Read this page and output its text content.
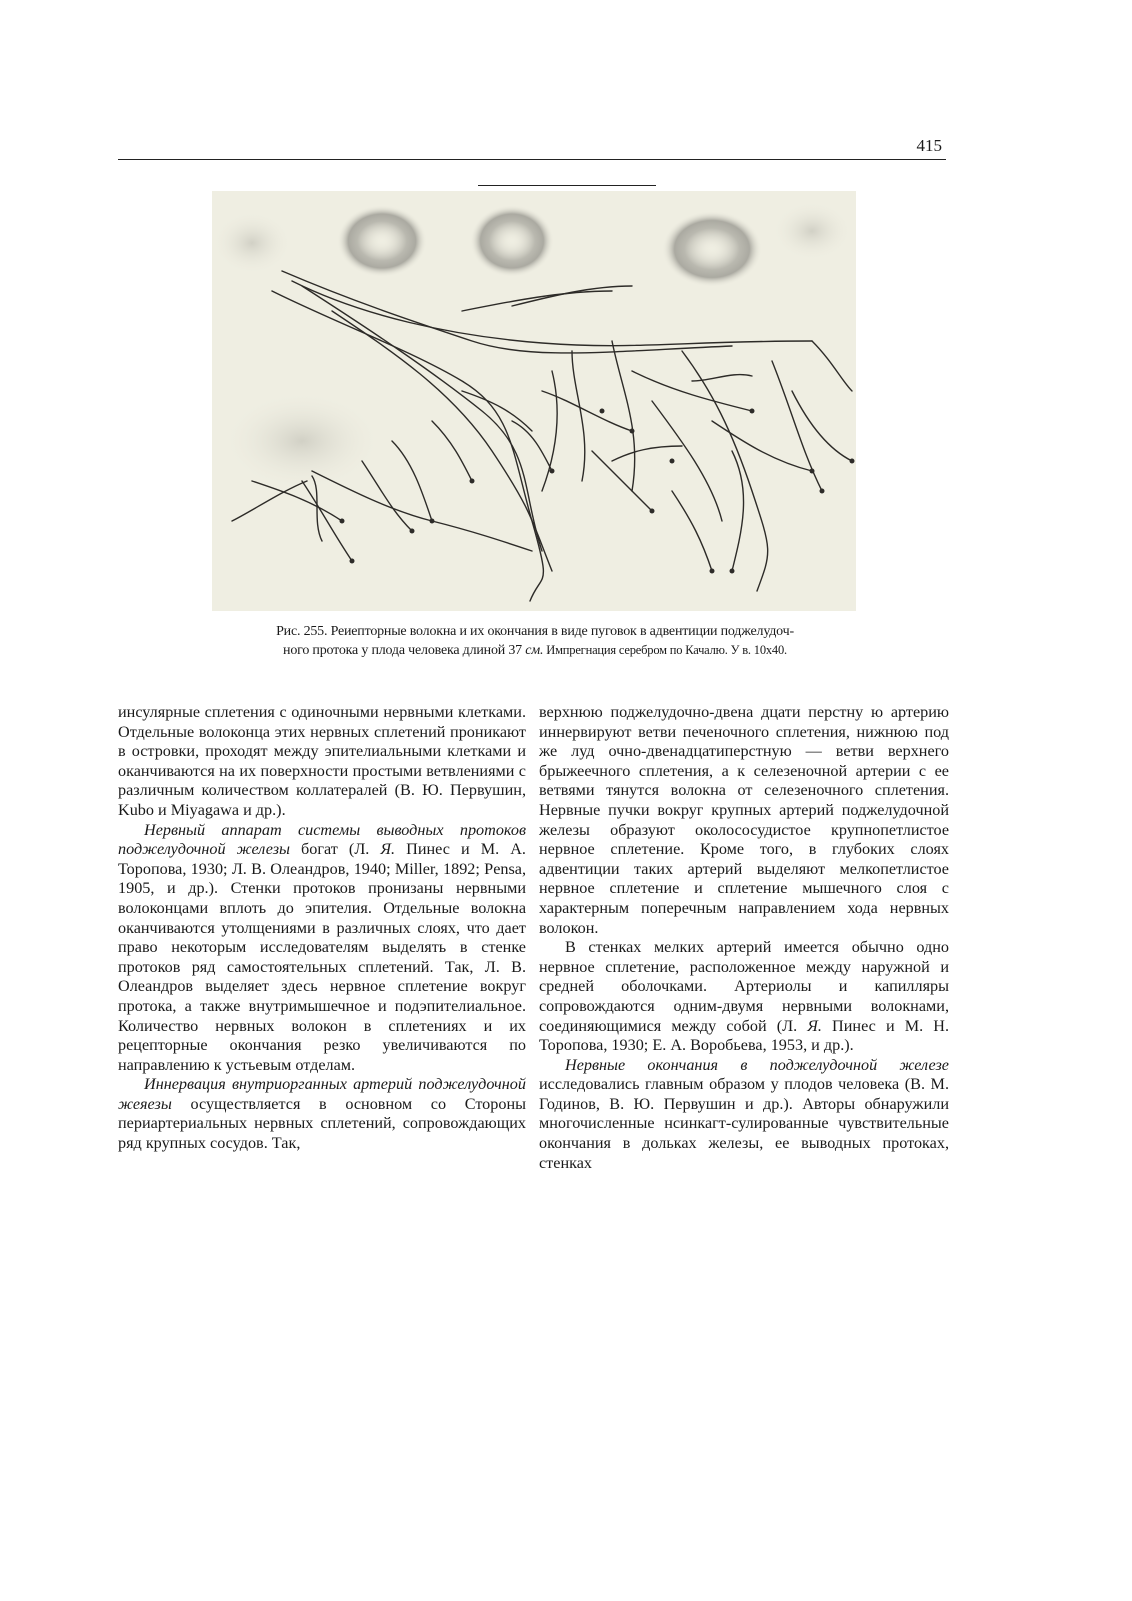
415
Рис. 255. Реиепторные волокна и их окончания в виде пуговок в адвентиции поджелудоч-
ного протока у плода человека длиной 37 см. Импрегнация серебром по Качалю. У в. 10x40.

инсулярные сплетения с одиночными нервными клетками. Отдельные волоконца этих нервных сплетений проникают в островки, проходят между эпителиальными клетками и оканчиваются на их поверхности простыми ветвлениями с различным количеством коллатералей (В. Ю. Первушин, Kubo и Miyagawa и др.).

Нервный аппарат системы выводных протоков поджелудочной железы богат (Л. Я. Пинес и М. А. Торопова, 1930; Л. В. Олеандров, 1940; Miller, 1892; Pensa, 1905, и др.). Стенки протоков пронизаны нервными волоконцами вплоть до эпителия. Отдельные волокна оканчиваются утолщениями в различных слоях, что дает право некоторым исследователям выделять в стенке протоков ряд самостоятельных сплетений. Так, Л. В. Олеандров выделяет здесь нервное сплетение вокруг протока, а также внутримышечное и подэпителиальное. Количество нервных волокон в сплетениях и их рецепторные окончания резко увеличиваются по направлению к устьевым отделам.

Иннервация внутриорганных артерий поджелудочной жеяезы осуществляется в основном со Стороны периартериальных нервных сплетений, сопровождающих ряд крупных сосудов. Так,

верхнюю поджелудочно-двена дцати перстну ю артерию иннервируют ветви печеночного сплетения, нижнюю под же луд очно-двенадцатиперстную — ветви верхнего брыжеечного сплетения, а к селезеночной артерии с ее ветвями тянутся волокна от селезеночного сплетения. Нервные пучки вокруг крупных артерий поджелудочной железы образуют околососудистое крупнопетлистое нервное сплетение. Кроме того, в глубоких слоях адвентиции таких артерий выделяют мелкопетлистое нервное сплетение и сплетение мышечного слоя с характерным поперечным направлением хода нервных волокон.

В стенках мелких артерий имеется обычно одно нервное сплетение, расположенное между наружной и средней оболочками. Артериолы и капилляры сопровождаются одним-двумя нервными волокнами, соединяющимися между собой (Л. Я. Пинес и М. Н. Торопова, 1930; Е. А. Воробьева, 1953, и др.).

Нервные окончания в поджелудочной железе исследовались главным образом у плодов человека (В. М. Годинов, В. Ю. Первушин и др.). Авторы обнаружили многочисленные нсинкагт-сулированные чувствительные окончания в дольках железы, ее выводных протоках, стенках
